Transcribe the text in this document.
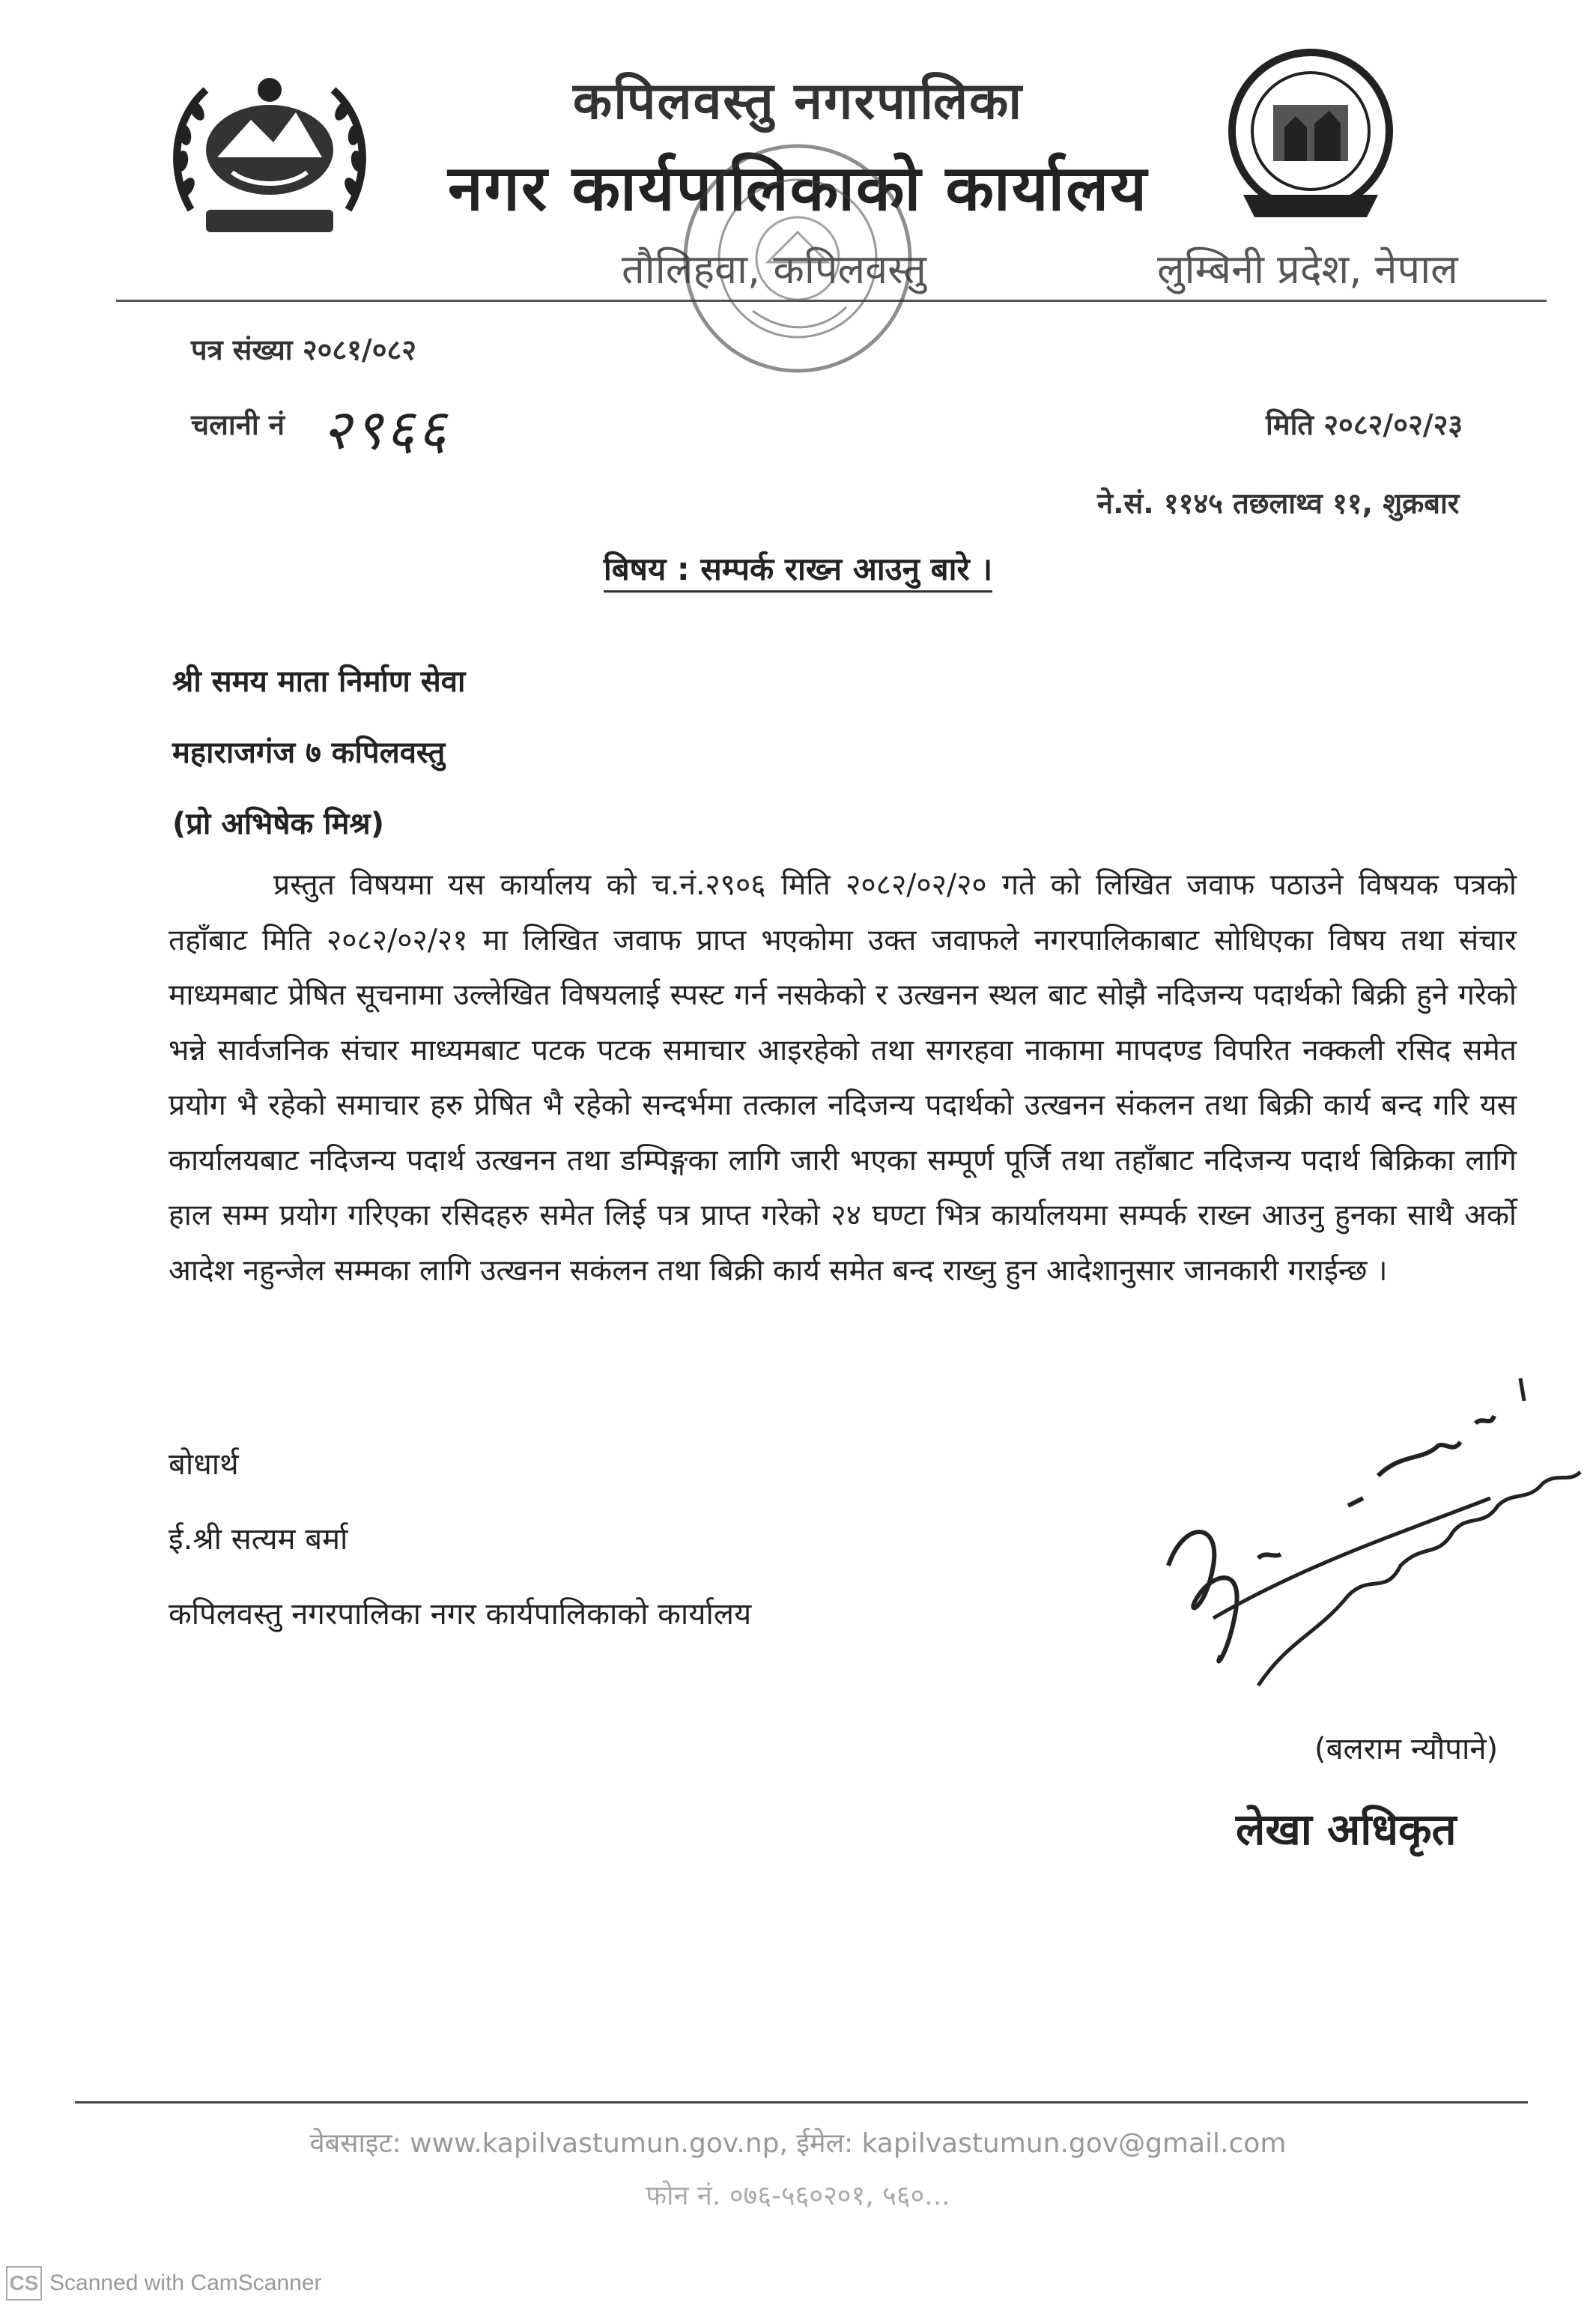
कपिलवस्तु नगरपालिका
नगर कार्यपालिकाको कार्यालय
तौलिहवा, कपिलवस्तु	लुम्बिनी प्रदेश, नेपाल
पत्र संख्या २०८१/०८२
चलानी नं २९६६	मिति २०८२/०२/२३
ने.सं. ११४५ तछलाथ्व ११, शुक्रबार
बिषय : सम्पर्क राख्न आउनु बारे ।
श्री समय माता निर्माण सेवा
महाराजगंज ७ कपिलवस्तु
(प्रो अभिषेक मिश्र)

प्रस्तुत विषयमा यस कार्यालय को च.नं.२९०६ मिति २०८२/०२/२० गते को लिखित जवाफ पठाउने विषयक पत्रको तहाँबाट मिति २०८२/०२/२१ मा लिखित जवाफ प्राप्त भएकोमा उक्त जवाफले नगरपालिकाबाट सोधिएका विषय तथा संचार माध्यमबाट प्रेषित सूचनामा उल्लेखित विषयलाई स्पस्ट गर्न नसकेको र उत्खनन स्थल बाट सोझै नदिजन्य पदार्थको बिक्री हुने गरेको भन्ने सार्वजनिक संचार माध्यमबाट पटक पटक समाचार आइरहेको तथा सगरहवा नाकामा मापदण्ड विपरित नक्कली रसिद समेत प्रयोग भै रहेको समाचार हरु प्रेषित भै रहेको सन्दर्भमा तत्काल नदिजन्य पदार्थको उत्खनन संकलन तथा बिक्री कार्य बन्द गरि यस कार्यालयबाट नदिजन्य पदार्थ उत्खनन तथा डम्पिङ्गका लागि जारी भएका सम्पूर्ण पूर्जि तथा तहाँबाट नदिजन्य पदार्थ बिक्रिका लागि हाल सम्म प्रयोग गरिएका रसिदहरु समेत लिई पत्र प्राप्त गरेको २४ घण्टा भित्र कार्यालयमा सम्पर्क राख्न आउनु हुनका साथै अर्को आदेश नहुन्जेल सम्मका लागि उत्खनन सकंलन तथा बिक्री कार्य समेत बन्द राख्नु हुन आदेशानुसार जानकारी गराईन्छ ।

बोधार्थ
ई.श्री सत्यम बर्मा
कपिलवस्तु नगरपालिका नगर कार्यपालिकाको कार्यालय
(बलराम न्यौपाने)
लेखा अधिकृत
वेबसाइट: www.kapilvastumun.gov.np, ईमेल: kapilvastumun.gov@gmail.com
फोन नं. ०७६-५६०२०१, ५६०...
CS Scanned with CamScanner
